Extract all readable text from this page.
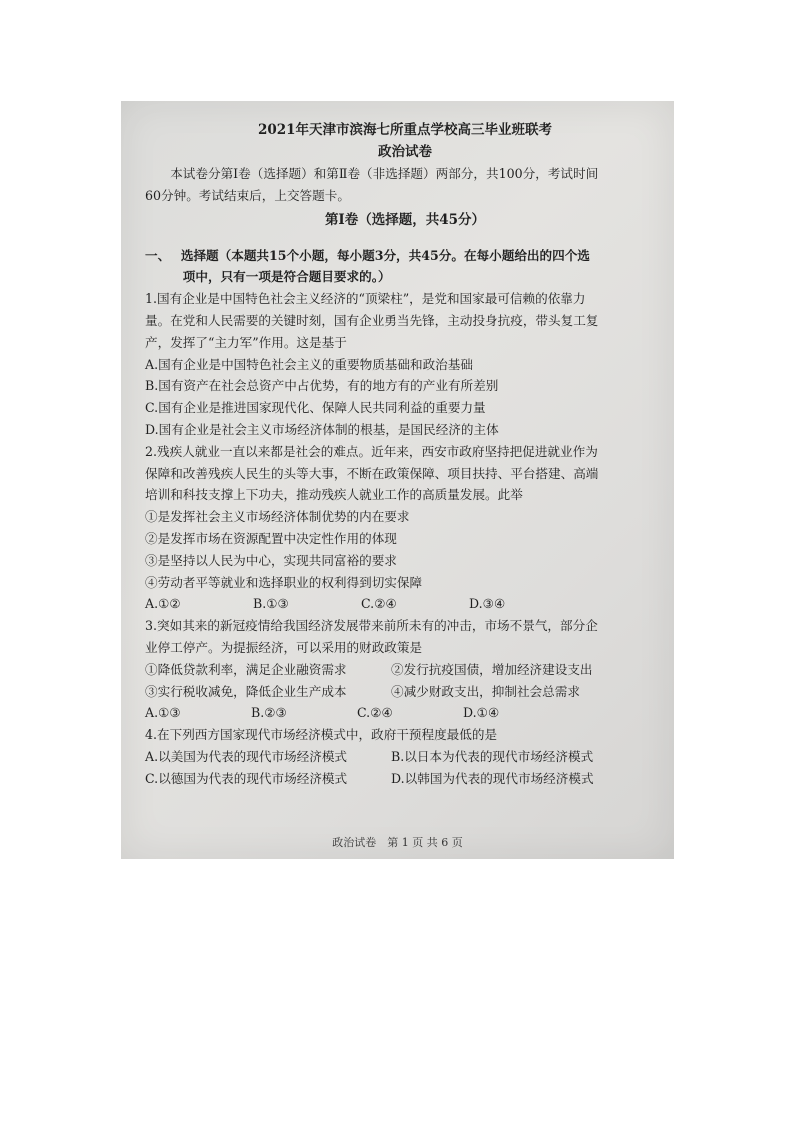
2021年天津市滨海七所重点学校高三毕业班联考
政治试卷

本试卷分第Ⅰ卷（选择题）和第Ⅱ卷（非选择题）两部分，共100分，考试时间

60分钟。考试结束后，上交答题卡。

第Ⅰ卷（选择题，共45分）

一、　 选择题（本题共15个小题，每小题3分，共45分。在每小题给出的四个选

项中，只有一项是符合题目要求的。）

1.国有企业是中国特色社会主义经济的“顶梁柱”，是党和国家最可信赖的依靠力

量。在党和人民需要的关键时刻，国有企业勇当先锋，主动投身抗疫，带头复工复

产，发挥了“主力军”作用。这是基于

A.国有企业是中国特色社会主义的重要物质基础和政治基础

B.国有资产在社会总资产中占优势，有的地方有的产业有所差别

C.国有企业是推进国家现代化、保障人民共同利益的重要力量

D.国有企业是社会主义市场经济体制的根基，是国民经济的主体

2.残疾人就业一直以来都是社会的难点。近年来，西安市政府坚持把促进就业作为

保障和改善残疾人民生的头等大事，不断在政策保障、项目扶持、平台搭建、高端

培训和科技支撑上下功夫，推动残疾人就业工作的高质量发展。此举

①是发挥社会主义市场经济体制优势的内在要求

②是发挥市场在资源配置中决定性作用的体现

③是坚持以人民为中心，实现共同富裕的要求

④劳动者平等就业和选择职业的权利得到切实保障

A.①②	B.①③	C.②④	D.③④

3.突如其来的新冠疫情给我国经济发展带来前所未有的冲击，市场不景气，部分企

业停工停产。为提振经济，可以采用的财政政策是

①降低贷款利率，满足企业融资需求	②发行抗疫国债，增加经济建设支出
③实行税收减免，降低企业生产成本	④减少财政支出，抑制社会总需求
A.①③	B.②③	C.②④	D.①④

4.在下列西方国家现代市场经济模式中，政府干预程度最低的是

A.以美国为代表的现代市场经济模式	B.以日本为代表的现代市场经济模式
C.以德国为代表的现代市场经济模式	D.以韩国为代表的现代市场经济模式
政治试卷　第 1 页 共 6 页
